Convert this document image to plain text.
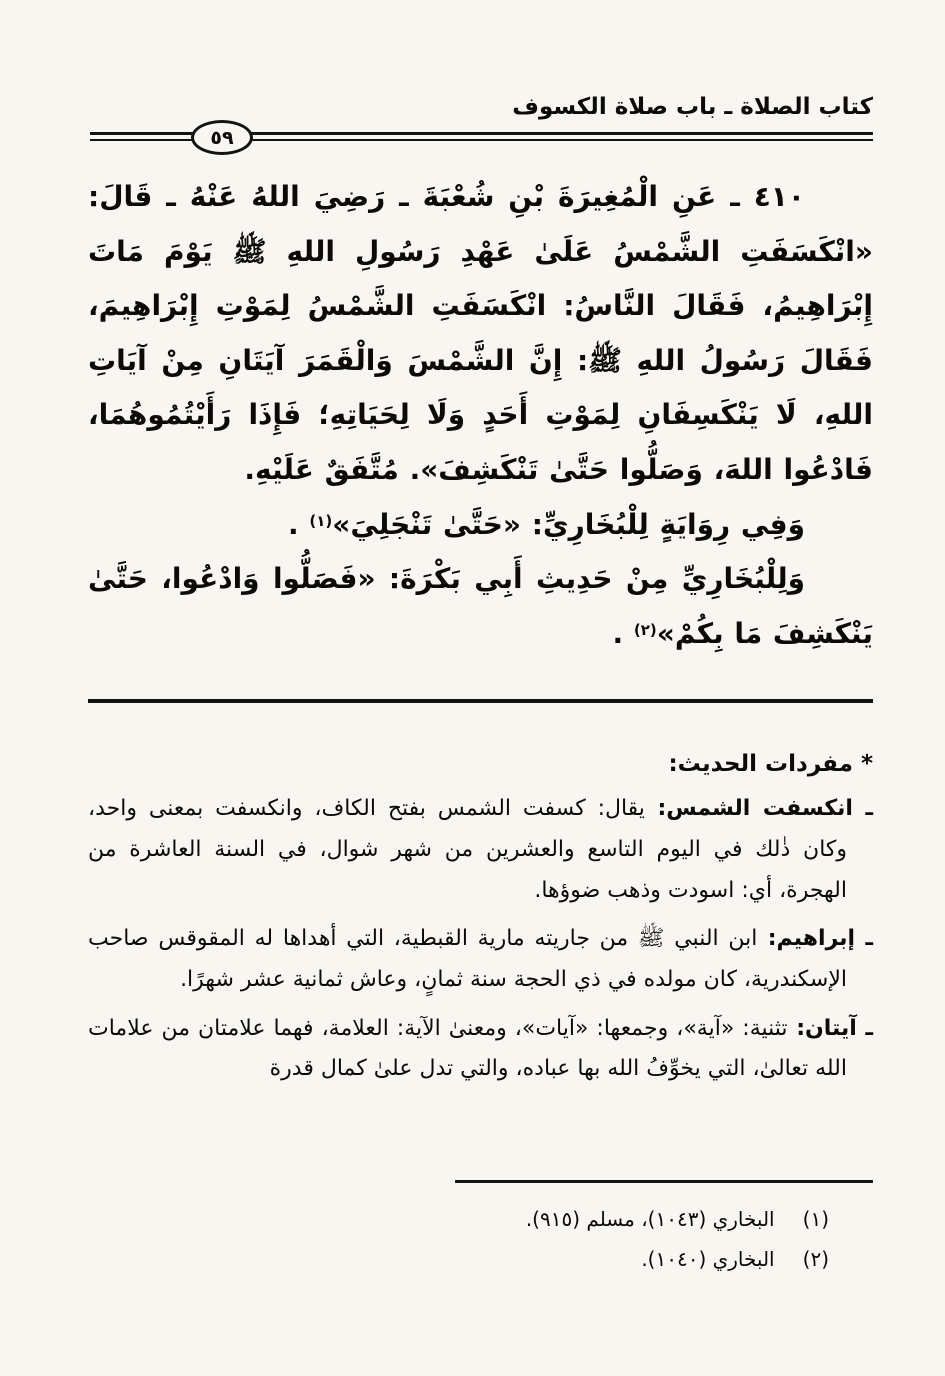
كتاب الصلاة ـ باب صلاة الكسوف
٥٩

٤١٠ ـ عَنِ الْمُغِيرَةَ بْنِ شُعْبَةَ ـ رَضِيَ اللهُ عَنْهُ ـ قَالَ: «انْكَسَفَتِ الشَّمْسُ عَلَىٰ عَهْدِ رَسُولِ اللهِ ﷺ يَوْمَ مَاتَ إِبْرَاهِيمُ، فَقَالَ النَّاسُ: انْكَسَفَتِ الشَّمْسُ لِمَوْتِ إِبْرَاهِيمَ، فَقَالَ رَسُولُ اللهِ ﷺ: إِنَّ الشَّمْسَ وَالْقَمَرَ آيَتَانِ مِنْ آيَاتِ اللهِ، لَا يَنْكَسِفَانِ لِمَوْتِ أَحَدٍ وَلَا لِحَيَاتِهِ؛ فَإِذَا رَأَيْتُمُوهُمَا، فَادْعُوا اللهَ، وَصَلُّوا حَتَّىٰ تَنْكَشِفَ». مُتَّفَقٌ عَلَيْهِ.

وَفِي رِوَايَةٍ لِلْبُخَارِيِّ: «حَتَّىٰ تَنْجَلِيَ»$^{(١)}$ .

وَلِلْبُخَارِيِّ مِنْ حَدِيثِ أَبِي بَكْرَةَ: «فَصَلُّوا وَادْعُوا، حَتَّىٰ يَنْكَشِفَ مَا بِكُمْ»$^{(٢)}$ .

* مفردات الحديث:

ـ انكسفت الشمس: يقال: كسفت الشمس بفتح الكاف، وانكسفت بمعنى واحد، وكان ذٰلك في اليوم التاسع والعشرين من شهر شوال، في السنة العاشرة من الهجرة، أي: اسودت وذهب ضوؤها.

ـ إبراهيم: ابن النبي ﷺ من جاريته مارية القبطية، التي أهداها له المقوقس صاحب الإسكندرية، كان مولده في ذي الحجة سنة ثمانٍ، وعاش ثمانية عشر شهرًا.

ـ آيتان: تثنية: «آية»، وجمعها: «آيات»، ومعنىٰ الآية: العلامة، فهما علامتان من علامات الله تعالىٰ، التي يخوِّفُ الله بها عباده، والتي تدل علىٰ كمال قدرة

(١)البخاري (١٠٤٣)، مسلم (٩١٥).
(٢)البخاري (١٠٤٠).
